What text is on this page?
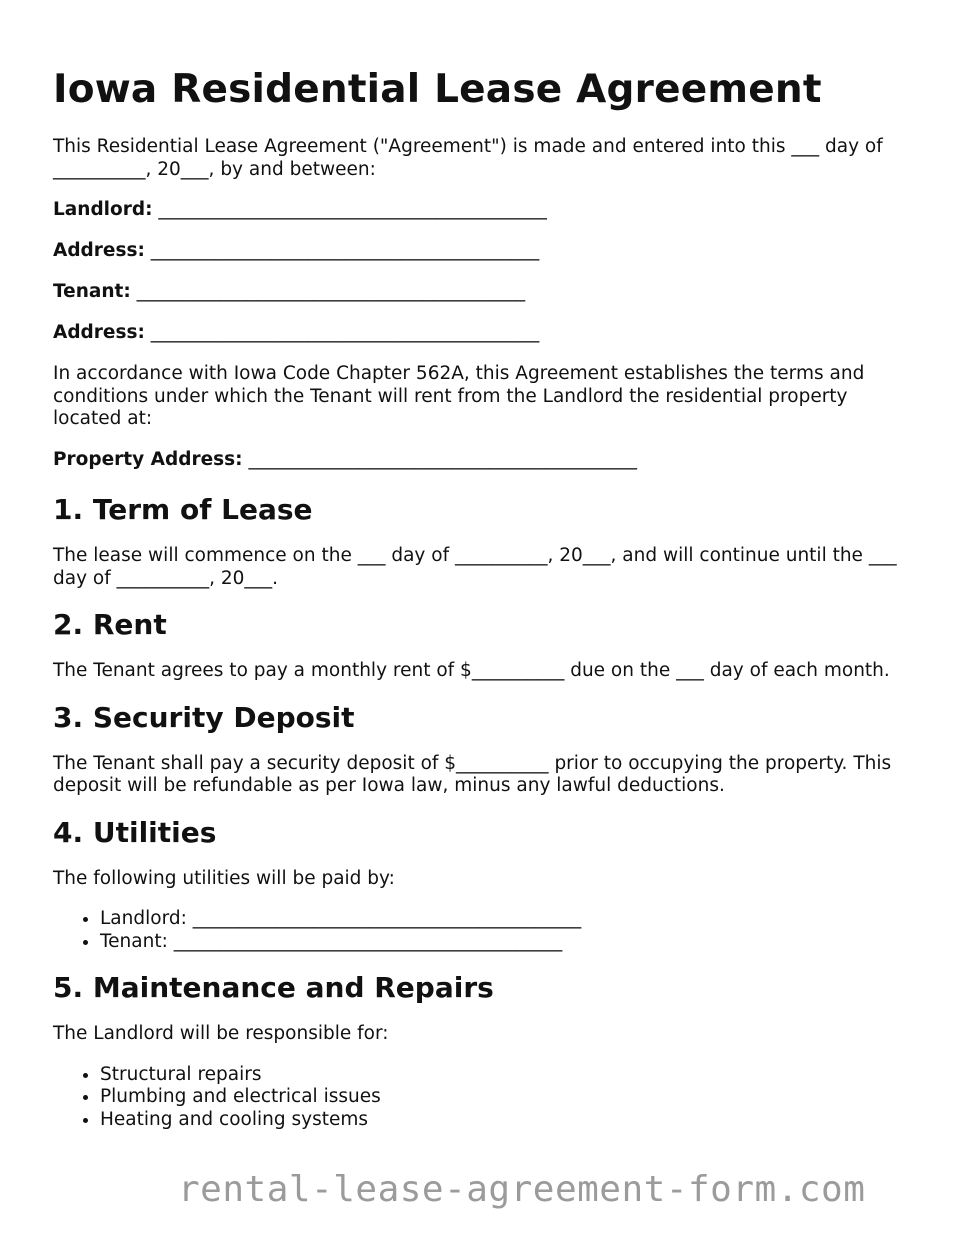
Iowa Residential Lease Agreement

This Residential Lease Agreement ("Agreement") is made and entered into this ___ day of __________, 20___, by and between:

Landlord: __________________________________________

Address: __________________________________________

Tenant: __________________________________________

Address: __________________________________________

In accordance with Iowa Code Chapter 562A, this Agreement establishes the terms and conditions under which the Tenant will rent from the Landlord the residential property located at:

Property Address: __________________________________________

1. Term of Lease

The lease will commence on the ___ day of __________, 20___, and will continue until the ___ day of __________, 20___.

2. Rent

The Tenant agrees to pay a monthly rent of $__________ due on the ___ day of each month.

3. Security Deposit

The Tenant shall pay a security deposit of $__________ prior to occupying the property. This deposit will be refundable as per Iowa law, minus any lawful deductions.

4. Utilities

The following utilities will be paid by:

• Landlord: __________________________________________
• Tenant: __________________________________________
5. Maintenance and Repairs

The Landlord will be responsible for:

• Structural repairs
• Plumbing and electrical issues
• Heating and cooling systems
rental-lease-agreement-form.com
